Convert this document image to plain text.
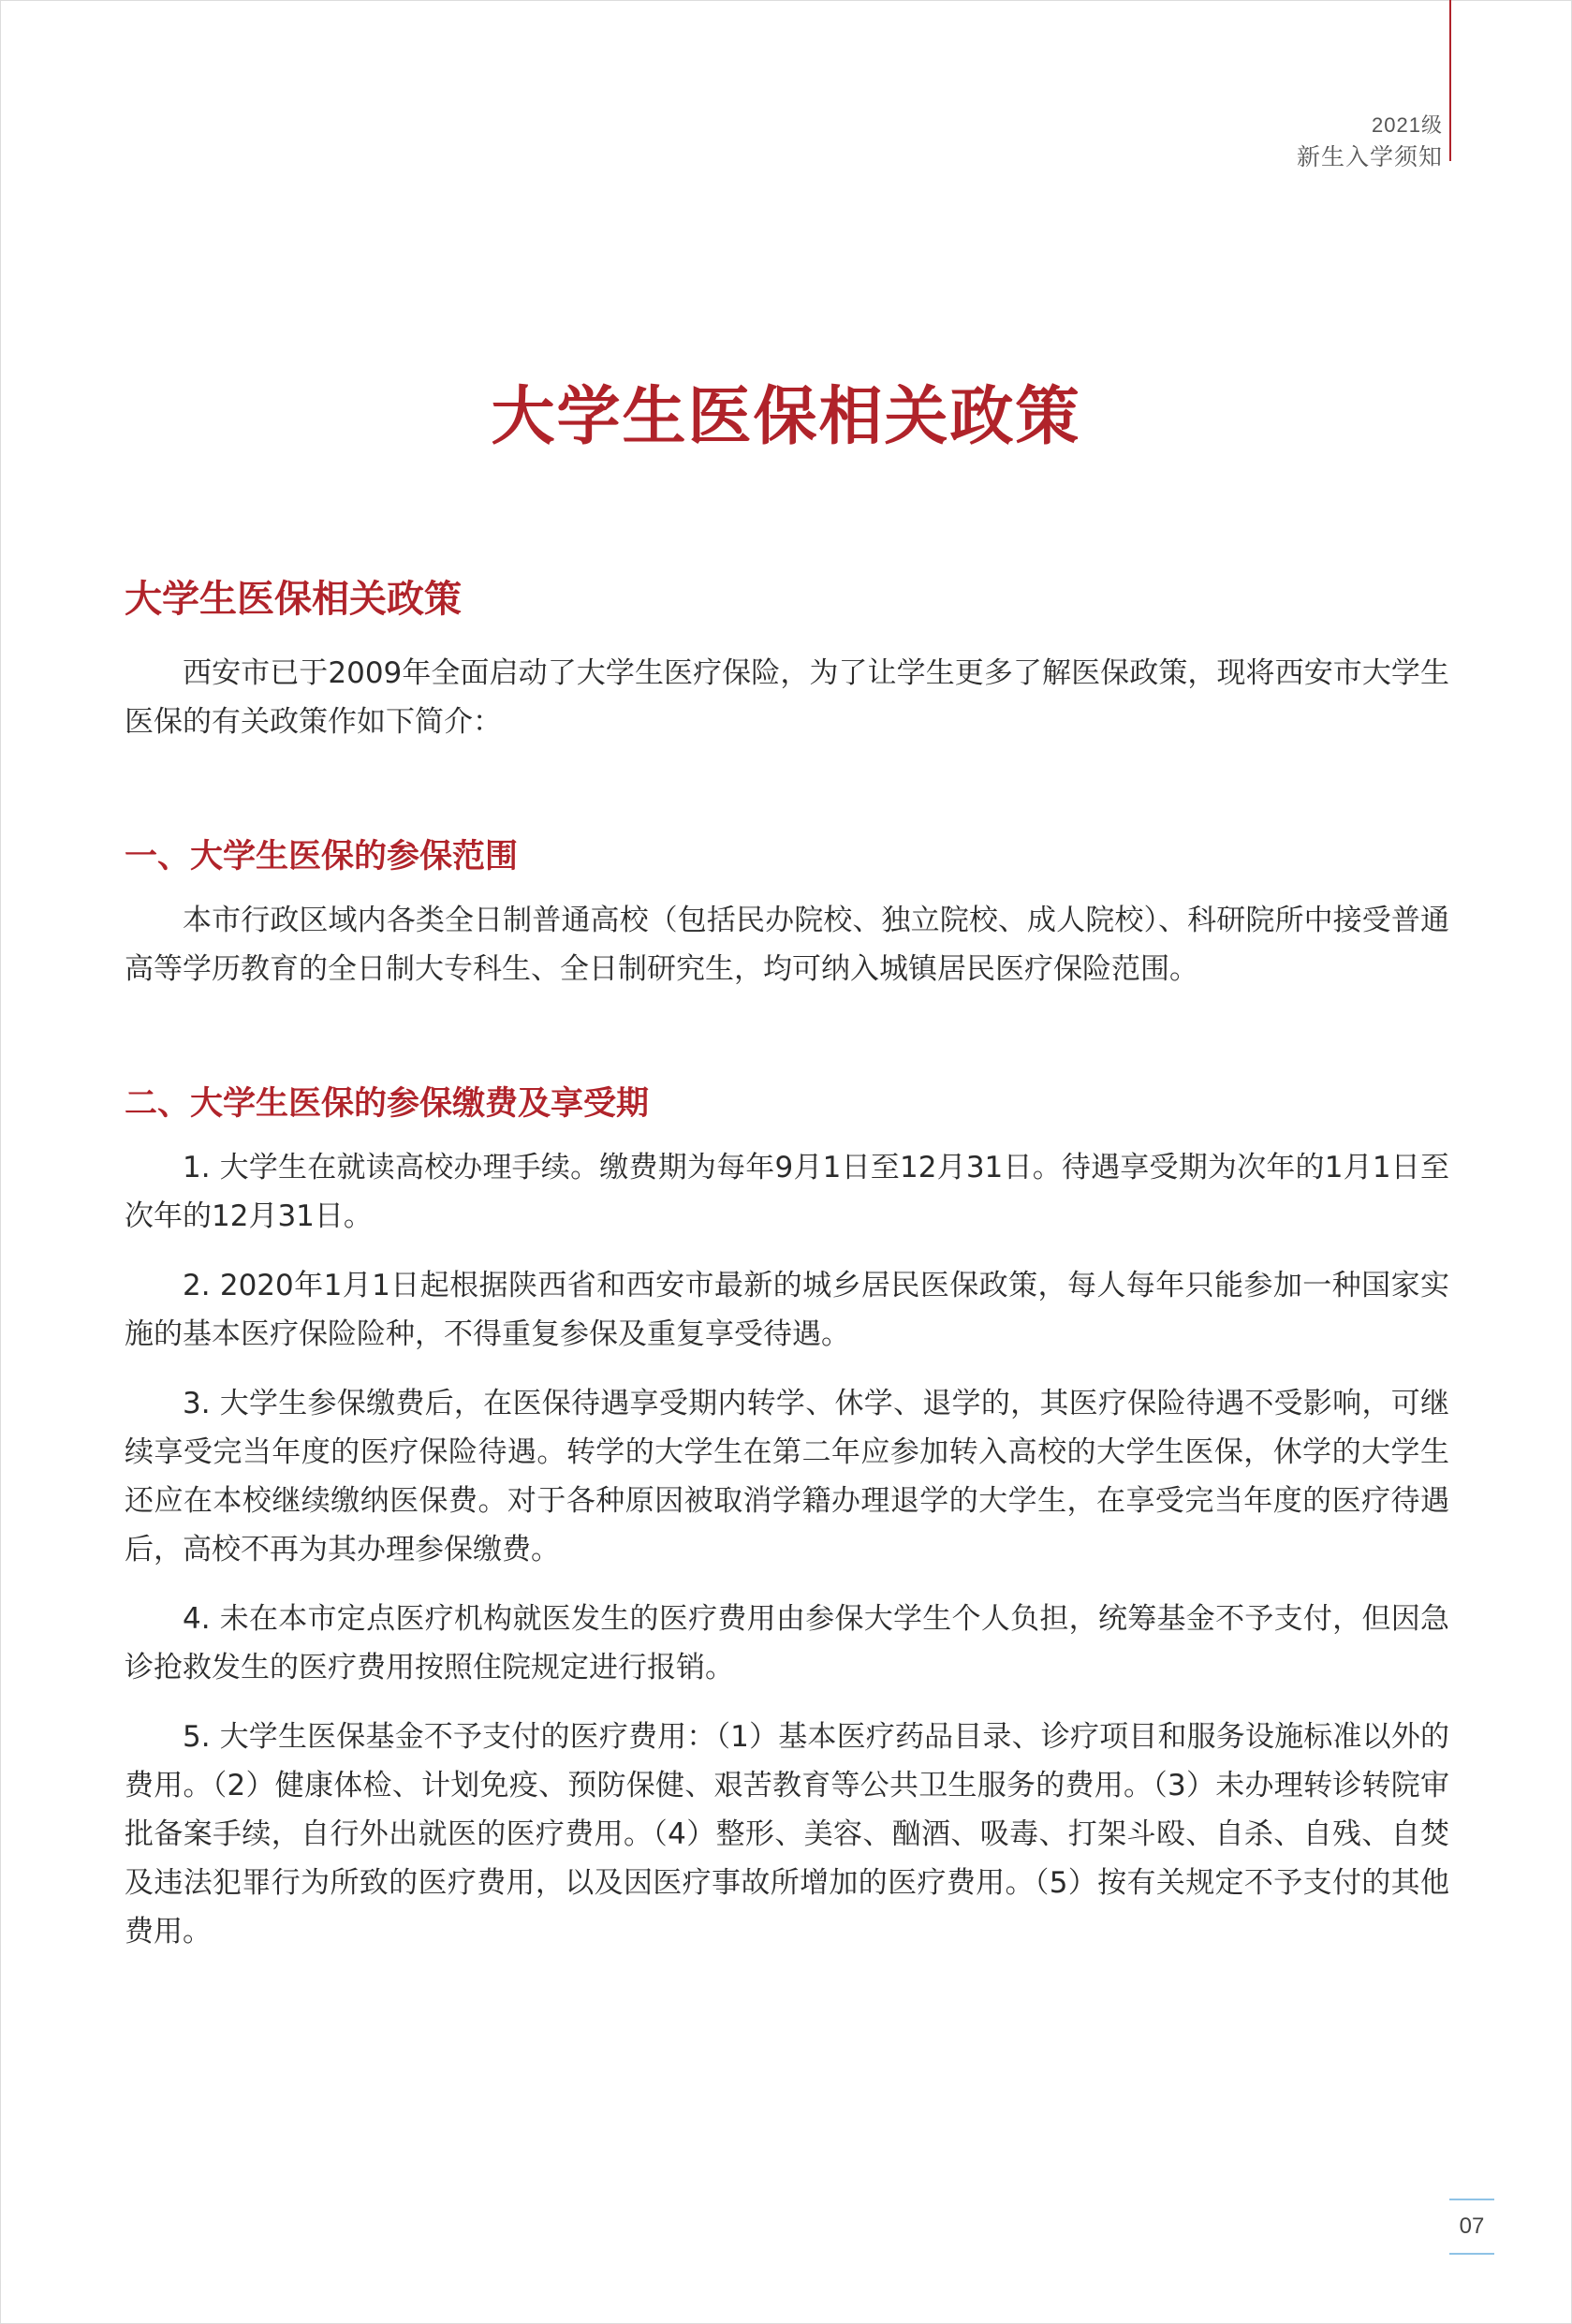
2021级
新生入学须知
大学生医保相关政策
大学生医保相关政策

西安市已于2009年全面启动了大学生医疗保险，为了让学生更多了解医保政策，现将西安市大学生医保的有关政策作如下简介：

一、大学生医保的参保范围

本市行政区域内各类全日制普通高校（包括民办院校、独立院校、成人院校）、科研院所中接受普通高等学历教育的全日制大专科生、全日制研究生，均可纳入城镇居民医疗保险范围。

二、大学生医保的参保缴费及享受期

1. 大学生在就读高校办理手续。缴费期为每年9月1日至12月31日。待遇享受期为次年的1月1日至次年的12月31日。

2. 2020年1月1日起根据陕西省和西安市最新的城乡居民医保政策，每人每年只能参加一种国家实施的基本医疗保险险种，不得重复参保及重复享受待遇。

3. 大学生参保缴费后，在医保待遇享受期内转学、休学、退学的，其医疗保险待遇不受影响，可继续享受完当年度的医疗保险待遇。转学的大学生在第二年应参加转入高校的大学生医保，休学的大学生还应在本校继续缴纳医保费。对于各种原因被取消学籍办理退学的大学生，在享受完当年度的医疗待遇后，高校不再为其办理参保缴费。

4. 未在本市定点医疗机构就医发生的医疗费用由参保大学生个人负担，统筹基金不予支付，但因急诊抢救发生的医疗费用按照住院规定进行报销。

5. 大学生医保基金不予支付的医疗费用：（1）基本医疗药品目录、诊疗项目和服务设施标准以外的费用。（2）健康体检、计划免疫、预防保健、艰苦教育等公共卫生服务的费用。（3）未办理转诊转院审批备案手续，自行外出就医的医疗费用。（4）整形、美容、酗酒、吸毒、打架斗殴、自杀、自残、自焚及违法犯罪行为所致的医疗费用，以及因医疗事故所增加的医疗费用。（5）按有关规定不予支付的其他费用。

07
